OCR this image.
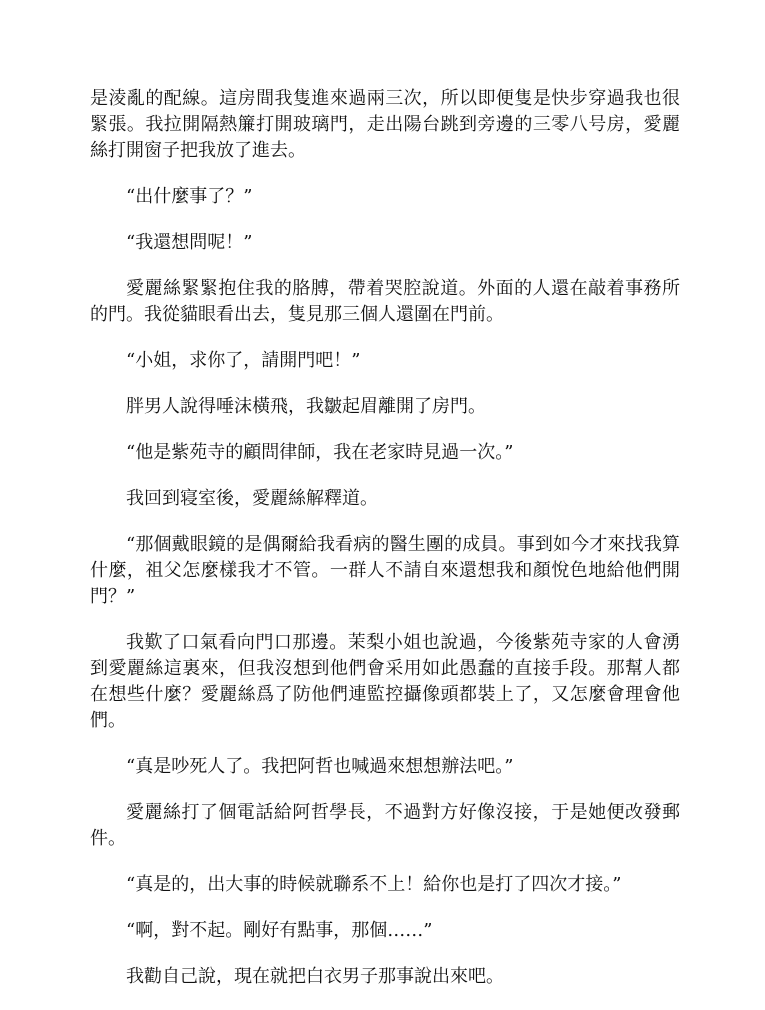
是淩亂的配線。這房間我隻進來過兩三次，所以即便隻是快步穿過我也很緊張。我拉開隔熱簾打開玻璃門，走出陽台跳到旁邊的三零八号房，愛麗絲打開窗子把我放了進去。

“出什麼事了？”

“我還想問呢！”

愛麗絲緊緊抱住我的胳膊，帶着哭腔說道。外面的人還在敲着事務所的門。我從貓眼看出去，隻見那三個人還圍在門前。

“小姐，求你了，請開門吧！”

胖男人說得唾沫橫飛，我皺起眉離開了房門。

“他是紫苑寺的顧問律師，我在老家時見過一次。”

我回到寝室後，愛麗絲解釋道。

“那個戴眼鏡的是偶爾給我看病的醫生團的成員。事到如今才來找我算什麼，祖父怎麼樣我才不管。一群人不請自來還想我和顏悅色地給他們開門？”

我歎了口氣看向門口那邊。茉梨小姐也說過，今後紫苑寺家的人會湧到愛麗絲這裏來，但我沒想到他們會采用如此愚蠢的直接手段。那幫人都在想些什麼？愛麗絲爲了防他們連監控攝像頭都裝上了，又怎麼會理會他們。

“真是吵死人了。我把阿哲也喊過來想想辦法吧。”

愛麗絲打了個電話給阿哲學長，不過對方好像沒接，于是她便改發郵件。

“真是的，出大事的時候就聯系不上！給你也是打了四次才接。”

“啊，對不起。剛好有點事，那個……”

我勸自己說，現在就把白衣男子那事說出來吧。
